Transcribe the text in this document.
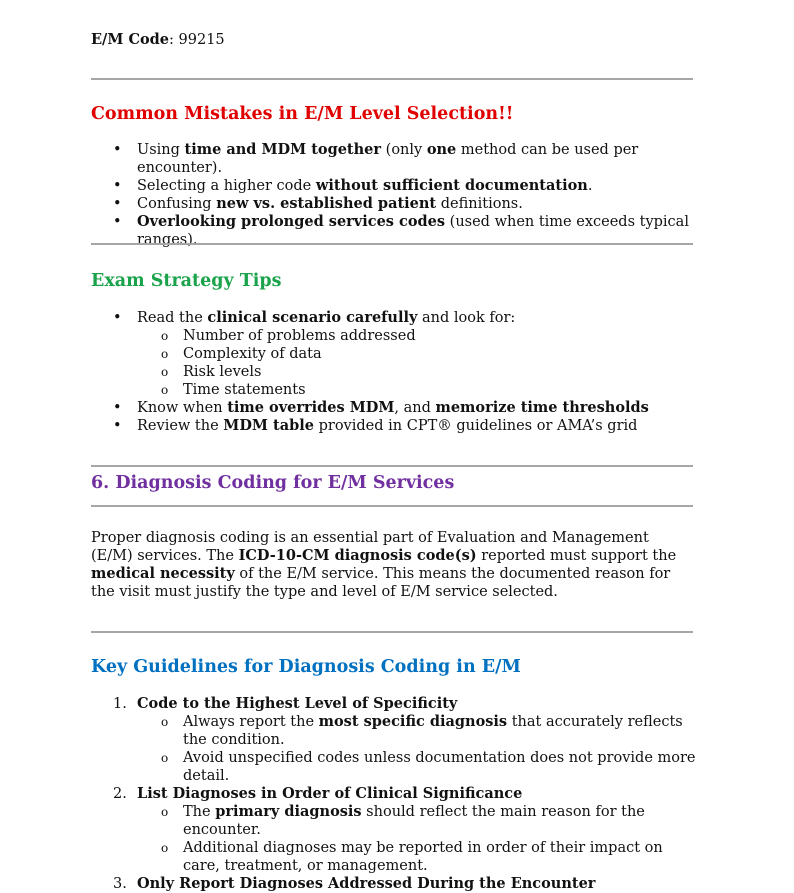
E/M Code: 99215
Common Mistakes in E/M Level Selection!!
• Using time and MDM together (only one method can be used per encounter).
• Selecting a higher code without sufficient documentation.
• Confusing new vs. established patient definitions.
• Overlooking prolonged services codes (used when time exceeds typical ranges).
Exam Strategy Tips
• Read the clinical scenario carefully and look for:
o Number of problems addressed
o Complexity of data
o Risk levels
o Time statements
• Know when time overrides MDM, and memorize time thresholds
• Review the MDM table provided in CPT® guidelines or AMA’s grid
6. Diagnosis Coding for E/M Services

Proper diagnosis coding is an essential part of Evaluation and Management (E/M) services. The ICD-10-CM diagnosis code(s) reported must support the medical necessity of the E/M service. This means the documented reason for the visit must justify the type and level of E/M service selected.

Key Guidelines for Diagnosis Coding in E/M
1. Code to the Highest Level of Specificity
o Always report the most specific diagnosis that accurately reflects the condition.
o Avoid unspecified codes unless documentation does not provide more detail.
2. List Diagnoses in Order of Clinical Significance
o The primary diagnosis should reflect the main reason for the encounter.
o Additional diagnoses may be reported in order of their impact on care, treatment, or management.
3. Only Report Diagnoses Addressed During the Encounter
